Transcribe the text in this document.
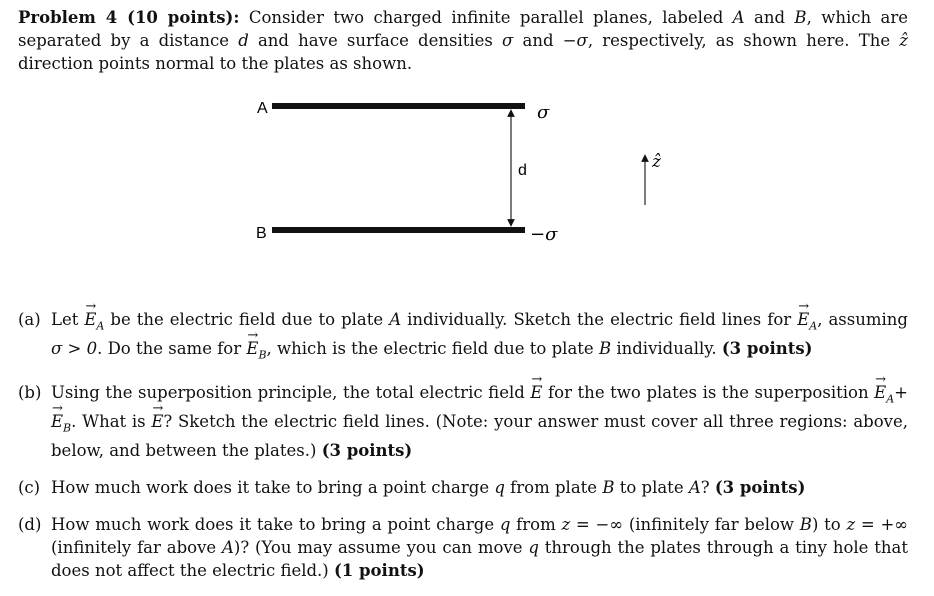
Problem 4 (10 points): Consider two charged infinite parallel planes, labeled A and B, which are separated by a distance d and have surface densities σ and −σ, respectively, as shown here. The ẑ direction points normal to the plates as shown.

A
B
d
σ
−σ
ẑ
(a) Let → $E_A$ be the electric field due to plate A individually. Sketch the electric field lines for → $E_A$, assuming σ > 0. Do the same for → $E_B$, which is the electric field due to plate B individually. (3 points)
(b) Using the superposition principle, the total electric field → E for the two plates is the superposition → $E_A+\to E_B$. What is → E? Sketch the electric field lines. (Note: your answer must cover all three regions: above, below, and between the plates.) (3 points)
(c) How much work does it take to bring a point charge q from plate B to plate A? (3 points)
(d) How much work does it take to bring a point charge q from z = −∞ (infinitely far below B) to z = +∞ (infinitely far above A)? (You may assume you can move q through the plates through a tiny hole that does not affect the electric field.) (1 points)
